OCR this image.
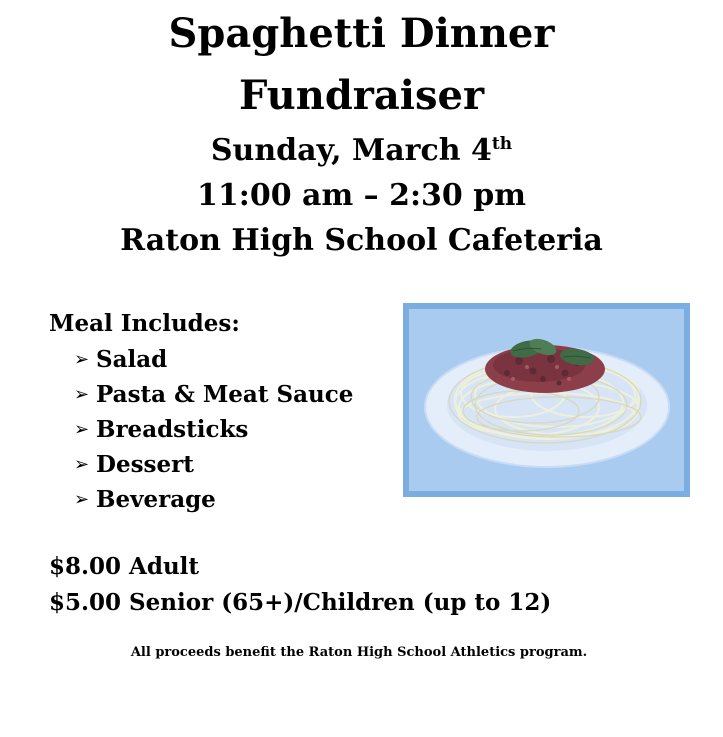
Spaghetti Dinner
Fundraiser
Sunday, March 4th
11:00 am – 2:30 pm
Raton High School Cafeteria
Meal Includes:
➢ Salad
➢ Pasta & Meat Sauce
➢ Breadsticks
➢ Dessert
➢ Beverage
$8.00 Adult
$5.00 Senior (65+)/Children (up to 12)
All proceeds benefit the Raton High School Athletics program.
